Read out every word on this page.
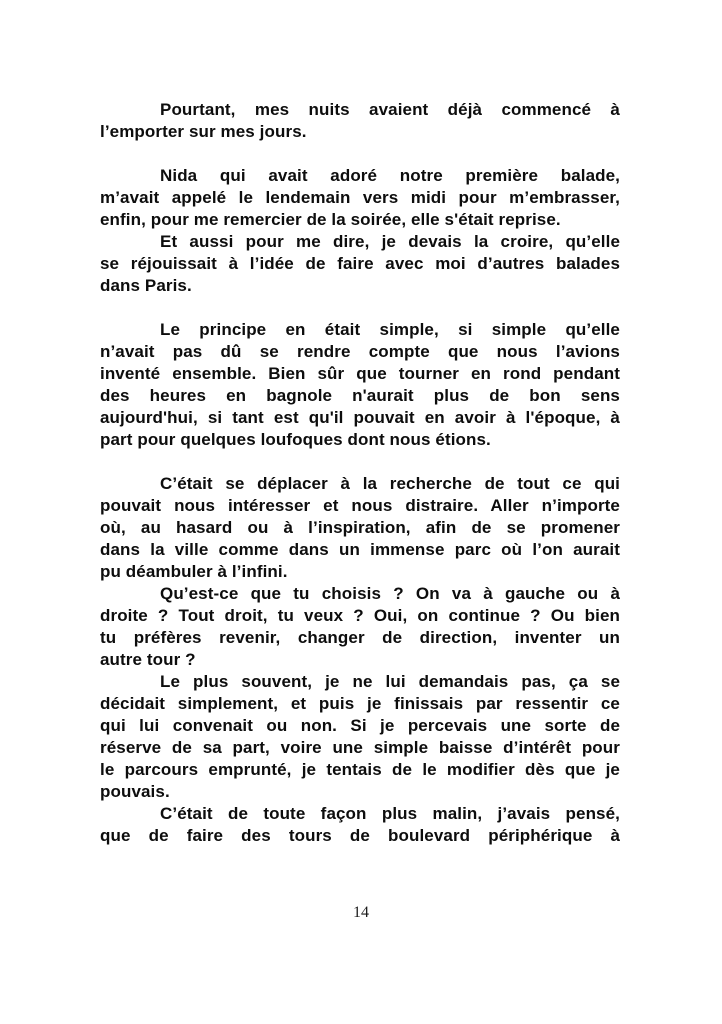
Pourtant, mes nuits avaient déjà commencé à
l’emporter sur mes jours.

Nida qui avait adoré notre première balade,
m’avait appelé le lendemain vers midi pour m’embrasser,
enfin, pour me remercier de la soirée, elle s'était reprise.

Et aussi pour me dire, je devais la croire, qu’elle
se réjouissait à l’idée de faire avec moi d’autres balades
dans Paris.

Le principe en était simple, si simple qu’elle
n’avait pas dû se rendre compte que nous l’avions
inventé ensemble. Bien sûr que tourner en rond pendant
des heures en bagnole n'aurait plus de bon sens
aujourd'hui, si tant est qu'il pouvait en avoir à l'époque, à
part pour quelques loufoques dont nous étions.

C’était se déplacer à la recherche de tout ce qui
pouvait nous intéresser et nous distraire. Aller n’importe
où, au hasard ou à l’inspiration, afin de se promener
dans la ville comme dans un immense parc où l’on aurait
pu déambuler à l’infini.

Qu’est-ce que tu choisis ? On va à gauche ou à
droite ? Tout droit, tu veux ? Oui, on continue ? Ou bien
tu préfères revenir, changer de direction, inventer un
autre tour ?

Le plus souvent, je ne lui demandais pas, ça se
décidait simplement, et puis je finissais par ressentir ce
qui lui convenait ou non. Si je percevais une sorte de
réserve de sa part, voire une simple baisse d’intérêt pour
le parcours emprunté, je tentais de le modifier dès que je
pouvais.

C’était de toute façon plus malin, j’avais pensé,
que de faire des tours de boulevard périphérique à

14
